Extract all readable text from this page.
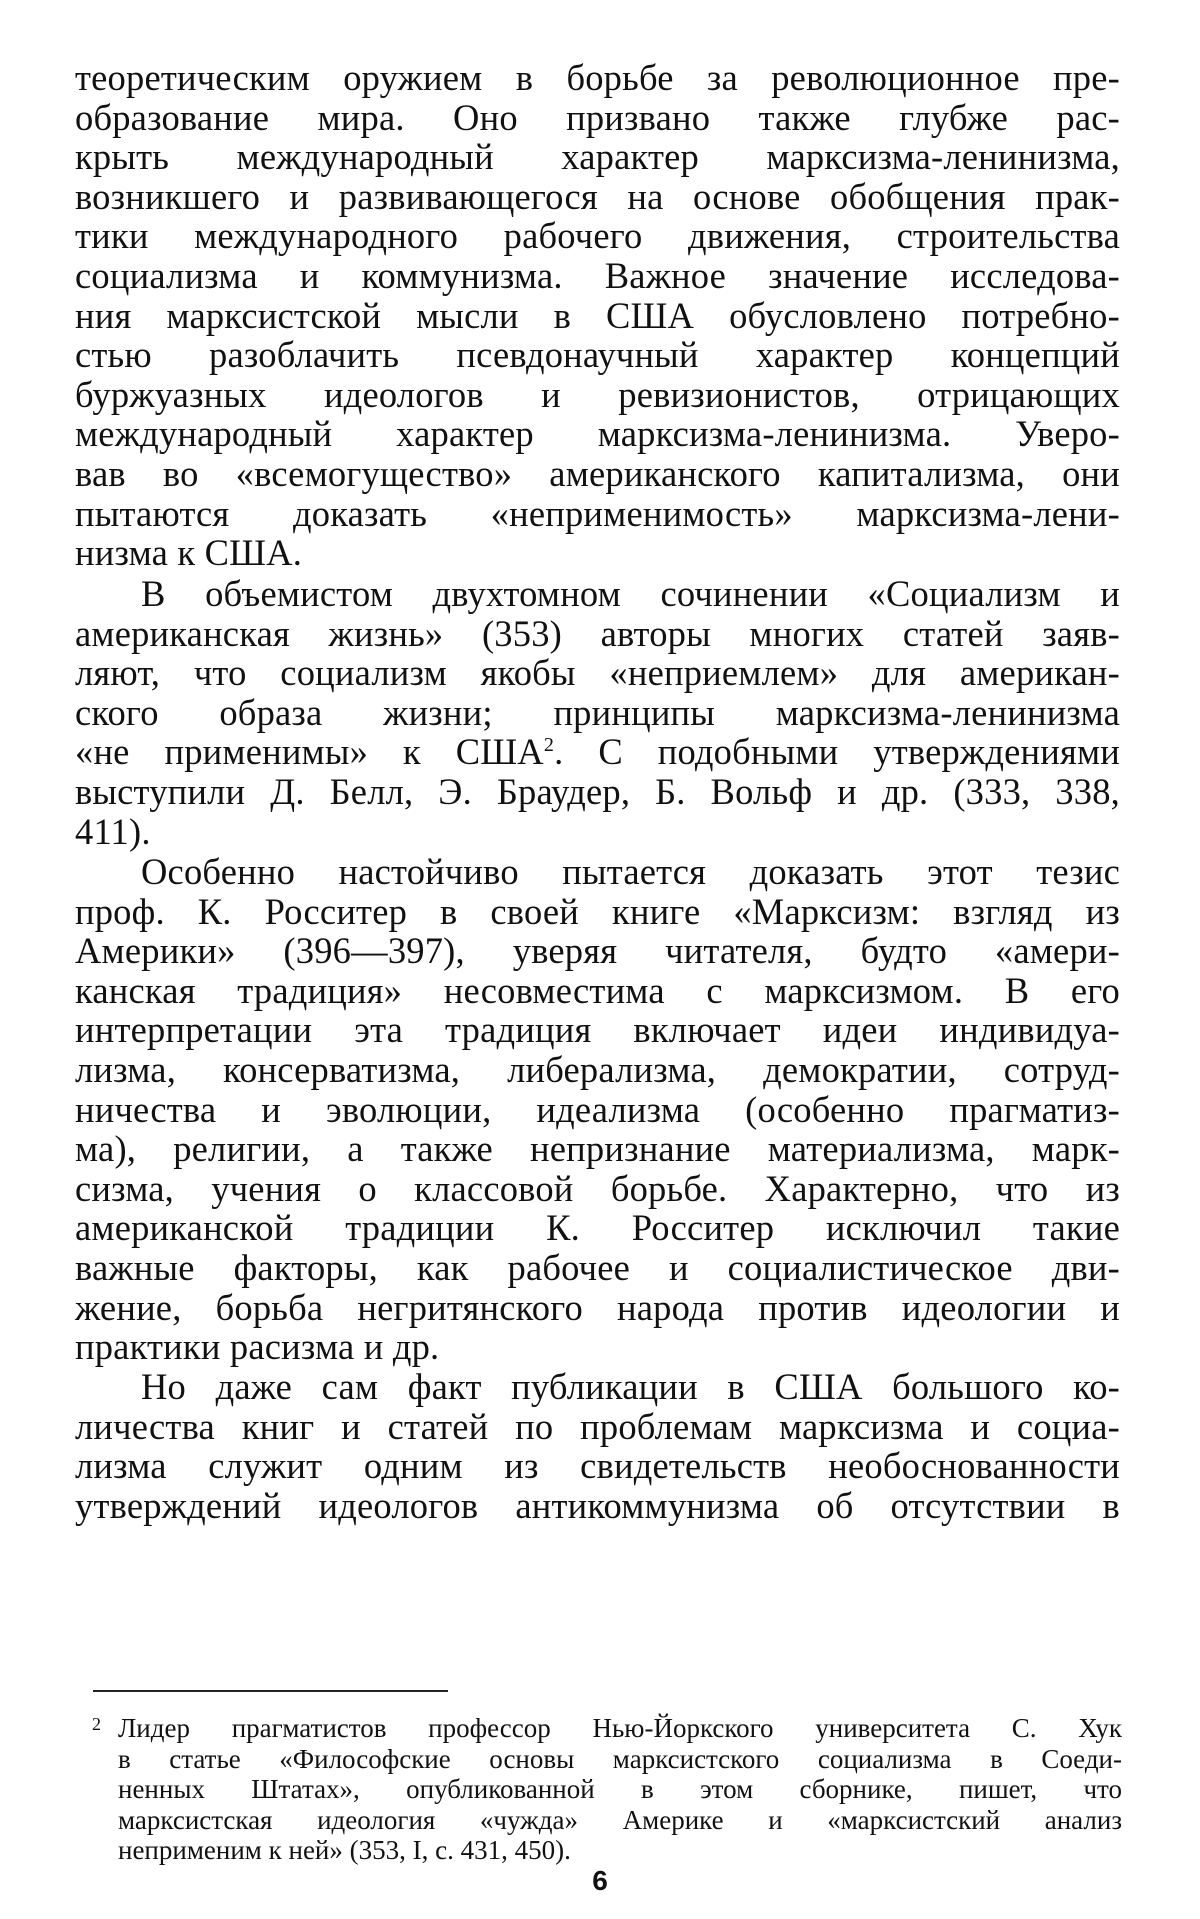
теоретическим оружием в борьбе за революционное пре-
образование мира. Оно призвано также глубже рас-
крыть международный характер марксизма-ленинизма,
возникшего и развивающегося на основе обобщения прак-
тики международного рабочего движения, строительства
социализма и коммунизма. Важное значение исследова-
ния марксистской мысли в США обусловлено потребно-
стью разоблачить псевдонаучный характер концепций
буржуазных идеологов и ревизионистов, отрицающих
международный характер марксизма-ленинизма. Уверо-
вав во «всемогущество» американского капитализма, они
пытаются доказать «неприменимость» марксизма-лени-
низма к США.
В объемистом двухтомном сочинении «Социализм и
американская жизнь» (353) авторы многих статей заяв-
ляют, что социализм якобы «неприемлем» для американ-
ского образа жизни; принципы марксизма-ленинизма
«не применимы» к США$^2$. С подобными утверждениями
выступили Д. Белл, Э. Браудер, Б. Вольф и др. (333, 338,
411).
Особенно настойчиво пытается доказать этот тезис
проф. К. Росситер в своей книге «Марксизм: взгляд из
Америки» (396—397), уверяя читателя, будто «амери-
канская традиция» несовместима с марксизмом. В его
интерпретации эта традиция включает идеи индивидуа-
лизма, консерватизма, либерализма, демократии, сотруд-
ничества и эволюции, идеализма (особенно прагматиз-
ма), религии, а также непризнание материализма, марк-
сизма, учения о классовой борьбе. Характерно, что из
американской традиции К. Росситер исключил такие
важные факторы, как рабочее и социалистическое дви-
жение, борьба негритянского народа против идеологии и
практики расизма и др.
Но даже сам факт публикации в США большого ко-
личества книг и статей по проблемам марксизма и социа-
лизма служит одним из свидетельств необоснованности
утверждений идеологов антикоммунизма об отсутствии в
2 Лидер прагматистов профессор Нью-Йоркского университета С. Хук
в статье «Философские основы марксистского социализма в Соеди-
ненных Штатах», опубликованной в этом сборнике, пишет, что
марксистская идеология «чужда» Америке и «марксистский анализ
неприменим к ней» (353, I, с. 431, 450).
6
